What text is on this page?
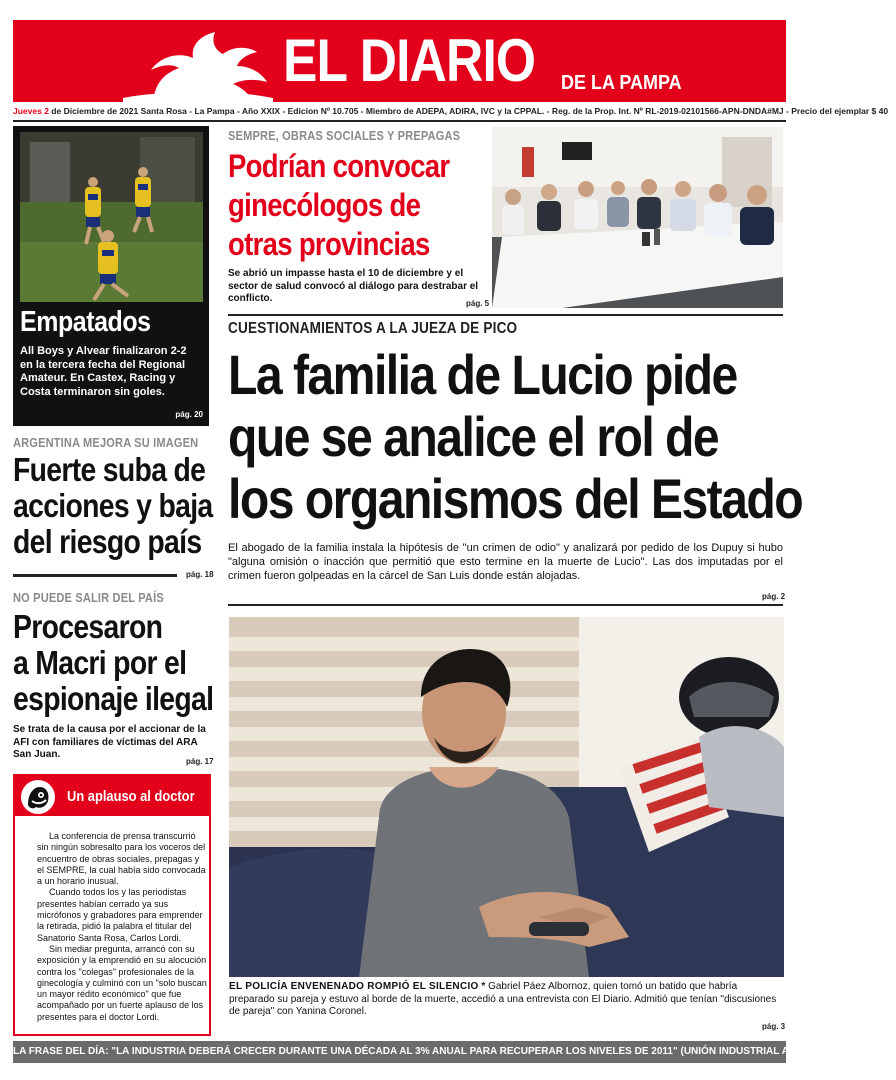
EL DIARIO DE LA PAMPA
Jueves 2 de Diciembre de 2021 Santa Rosa - La Pampa - Año XXIX - Edicion Nº 10.705 - Miembro de ADEPA, ADIRA, IVC y la CPPAL. - Reg. de la Prop. Int. Nº RL-2019-02101566-APN-DNDA#MJ - Precio del ejemplar $ 40
Empatados
All Boys y Alvear finalizaron 2-2 en la tercera fecha del Regional Amateur. En Castex, Racing y Costa terminaron sin goles.
pág. 20
ARGENTINA MEJORA SU IMAGEN
Fuerte suba de
acciones y baja
del riesgo país
pág. 18
NO PUEDE SALIR DEL PAÍS
Procesaron
a Macri por el
espionaje ilegal
Se trata de la causa por el accionar de la AFI con familiares de víctimas del ARA San Juan.
pág. 17
Un aplauso al doctor

La conferencia de prensa transcurrió sin ningún sobresalto para los voceros del encuentro de obras sociales, prepagas y el SEMPRE, la cual había sido convocada a un horario inusual.

Cuando todos los y las periodistas presentes habían cerrado ya sus micrófonos y grabadores para emprender la retirada, pidió la palabra el titular del Sanatorio Santa Rosa, Carlos Lordi.

Sin mediar pregunta, arrancó con su exposición y la emprendió en su alocución contra los "colegas" profesionales de la ginecología y culminó con un "solo buscan un mayor rédito económico" que fue acompañado por un fuerte aplauso de los presentes para el doctor Lordi.

SEMPRE, OBRAS SOCIALES Y PREPAGAS
Podrían convocar
ginecólogos de
otras provincias
Se abrió un impasse hasta el 10 de diciembre y el sector de salud convocó al diálogo para destrabar el conflicto.	pág. 5
CUESTIONAMIENTOS A LA JUEZA DE PICO
La familia de Lucio pide
que se analice el rol de
los organismos del Estado
El abogado de la familia instala la hipótesis de "un crimen de odio" y analizará por pedido de los Dupuy si hubo "alguna omisión o inacción que permitió que esto termine en la muerte de Lucio". Las dos imputadas por el crimen fueron golpeadas en la cárcel de San Luis donde están alojadas.
pág. 2
EL POLICÍA ENVENENADO ROMPIÓ EL SILENCIO * Gabriel Páez Albornoz, quien tomó un batido que habría preparado su pareja y estuvo al borde de la muerte, accedió a una entrevista con El Diario. Admitió que tenían "discusiones de pareja" con Yanina Coronel.
pág. 3
LA FRASE DEL DÍA: "LA INDUSTRIA DEBERÁ CRECER DURANTE UNA DÉCADA AL 3% ANUAL PARA RECUPERAR LOS NIVELES DE 2011" (UNIÓN INDUSTRIAL ARGENTINA). pág. 18
